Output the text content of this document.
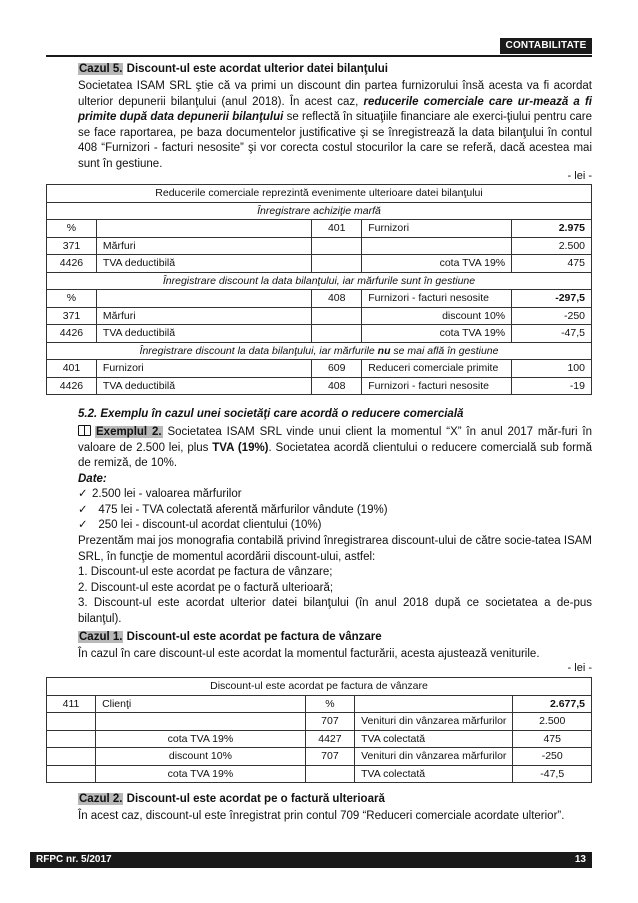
CONTABILITATE
Cazul 5. Discount-ul este acordat ulterior datei bilanţului
Societatea ISAM SRL ştie că va primi un discount din partea furnizorului însă acesta va fi acordat ulterior depunerii bilanţului (anul 2018). În acest caz, reducerile comerciale care ur-mează a fi primite după data depunerii bilanţului se reflectă în situaţiile financiare ale exerci-ţiului pentru care se face raportarea, pe baza documentelor justificative şi se înregistrează la data bilanţului în contul 408 “Furnizori - facturi nesosite” şi vor corecta costul stocurilor la care se referă, dacă acestea mai sunt în gestiune.
- lei -
Reducerile comerciale reprezintă evenimente ulterioare datei bilanţului				
Înregistrare achiziţie marfă				
%		401	Furnizori	2.975
371	Mărfuri			2.500
4426	TVA deductibilă		cota TVA 19%	475
Înregistrare discount la data bilanţului, iar mărfurile sunt în gestiune				
%		408	Furnizori - facturi nesosite	-297,5
371	Mărfuri		discount 10%	-250
4426	TVA deductibilă		cota TVA 19%	-47,5
Înregistrare discount la data bilanţului, iar mărfurile nu se mai află în gestiune				
401	Furnizori	609	Reduceri comerciale primite	100
4426	TVA deductibilă	408	Furnizori - facturi nesosite	-19
5.2. Exemplu în cazul unei societăţi care acordă o reducere comercială
Exemplul 2. Societatea ISAM SRL vinde unui client la momentul “X” în anul 2017 măr-furi în valoare de 2.500 lei, plus TVA (19%). Societatea acordă clientului o reducere comercială sub formă de remiză, de 10%.
Date:
✓ 2.500 lei - valoarea mărfurilor
✓ 475 lei - TVA colectată aferentă mărfurilor vândute (19%)
✓ 250 lei - discount-ul acordat clientului (10%)
Prezentăm mai jos monografia contabilă privind înregistrarea discount-ului de către socie-tatea ISAM SRL, în funcţie de momentul acordării discount-ului, astfel:
1. Discount-ul este acordat pe factura de vânzare;
2. Discount-ul este acordat pe o factură ulterioară;
3. Discount-ul este acordat ulterior datei bilanţului (în anul 2018 după ce societatea a de-pus bilanţul).
Cazul 1. Discount-ul este acordat pe factura de vânzare
În cazul în care discount-ul este acordat la momentul facturării, acesta ajustează veniturile.
- lei -
Discount-ul este acordat pe factura de vânzare				
411	Clienţi	%		2.677,5
		707	Venituri din vânzarea mărfurilor	2.500
	cota TVA 19%	4427	TVA colectată	475
	discount 10%	707	Venituri din vânzarea mărfurilor	-250
	cota TVA 19%		TVA colectată	-47,5
Cazul 2. Discount-ul este acordat pe o factură ulterioară
În acest caz, discount-ul este înregistrat prin contul 709 “Reduceri comerciale acordate ulterior”.
RFPC nr. 5/2017	13
